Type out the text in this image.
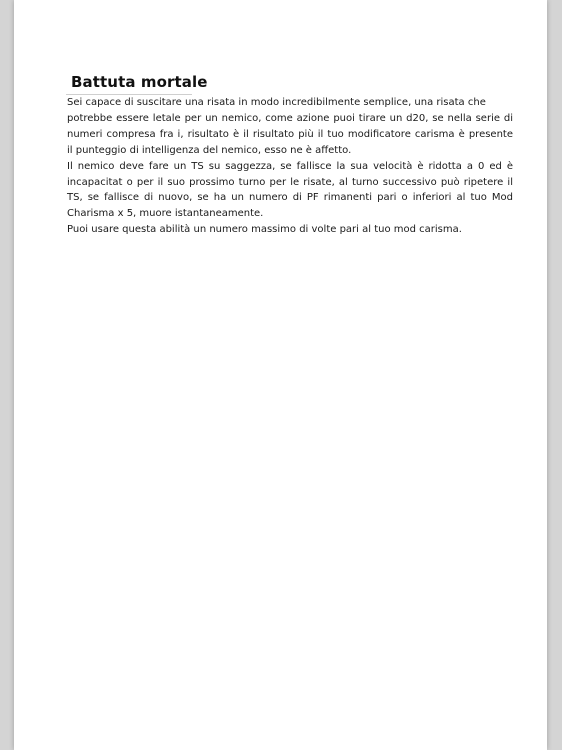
Battuta mortale
Sei capace di suscitare una risata in modo incredibilmente semplice, una risata che
potrebbe essere letale per un nemico, come azione puoi tirare un d20, se nella serie di
numeri compresa fra i, risultato è il risultato più il tuo modificatore carisma è presente
il punteggio di intelligenza del nemico, esso ne è affetto.
Il nemico deve fare un TS su saggezza, se fallisce la sua velocità è ridotta a 0 ed è
incapacitat o per il suo prossimo turno per le risate, al turno successivo può ripetere il
TS, se fallisce di nuovo, se ha un numero di PF rimanenti pari o inferiori al tuo Mod
Charisma x 5, muore istantaneamente.
Puoi usare questa abilità un numero massimo di volte pari al tuo mod carisma.
